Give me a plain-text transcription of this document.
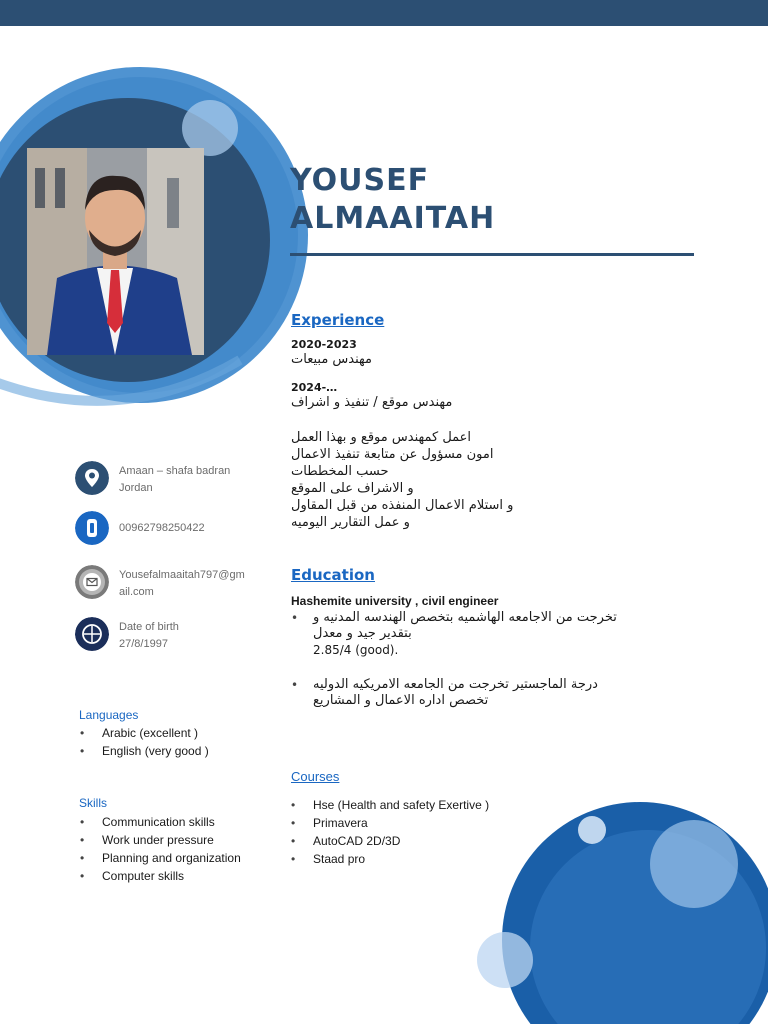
YOUSEF
ALMAAITAH
Amaan – shafa badran
Jordan
00962798250422
Yousefalmaaitah797@gmail.com
Date of birth
27/8/1997
Languages
• Arabic (excellent )
• English (very good )
Skills
• Communication skills
• Work under pressure
• Planning and organization
• Computer skills
Experience
2020-2023
مهندس مبيعات
2024-…
مهندس موقع / تنفيذ و اشراف
اعمل كمهندس موقع و بهذا العمل
امون مسؤول عن متابعة تنفيذ الاعمال
حسب المخططات
و الاشراف على الموقع
و استلام الاعمال المنفذه من قبل المقاول
و عمل التقارير اليوميه
Education
Hashemite university , civil engineer
• تخرجت من الاجامعه الهاشميه بتخصص الهندسه المدنيه و
بتقدير جيد و معدل
2.85/4 (good).
• درجة الماجستير تخرجت من الجامعه الامريكيه الدوليه
تخصص اداره الاعمال و المشاريع
Courses
• Hse (Health and safety Exertive )
• Primavera
• AutoCAD 2D/3D
• Staad pro
